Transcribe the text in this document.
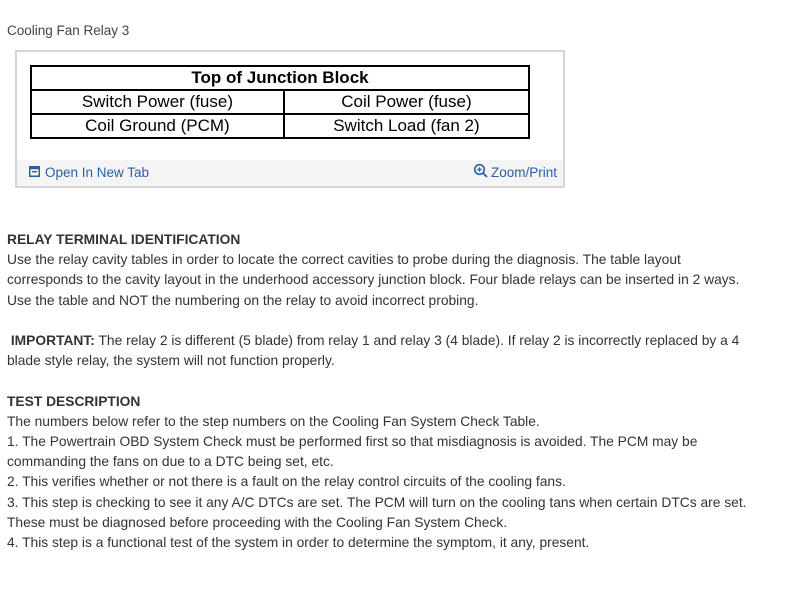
Cooling Fan Relay 3
Top of Junction Block	
Switch Power (fuse)	Coil Power (fuse)
Coil Ground (PCM)	Switch Load (fan 2)
Open In New Tab	Zoom/Print

RELAY TERMINAL IDENTIFICATION

Use the relay cavity tables in order to locate the correct cavities to probe during the diagnosis. The table layout

corresponds to the cavity layout in the underhood accessory junction block. Four blade relays can be inserted in 2 ways.

Use the table and NOT the numbering on the relay to avoid incorrect probing.

IMPORTANT: The relay 2 is different (5 blade) from relay 1 and relay 3 (4 blade). If relay 2 is incorrectly replaced by a 4

blade style relay, the system will not function properly.

TEST DESCRIPTION

The numbers below refer to the step numbers on the Cooling Fan System Check Table.

1. The Powertrain OBD System Check must be performed first so that misdiagnosis is avoided. The PCM may be

commanding the fans on due to a DTC being set, etc.

2. This verifies whether or not there is a fault on the relay control circuits of the cooling fans.

3. This step is checking to see it any A/C DTCs are set. The PCM will turn on the cooling tans when certain DTCs are set.

These must be diagnosed before proceeding with the Cooling Fan System Check.

4. This step is a functional test of the system in order to determine the symptom, it any, present.
